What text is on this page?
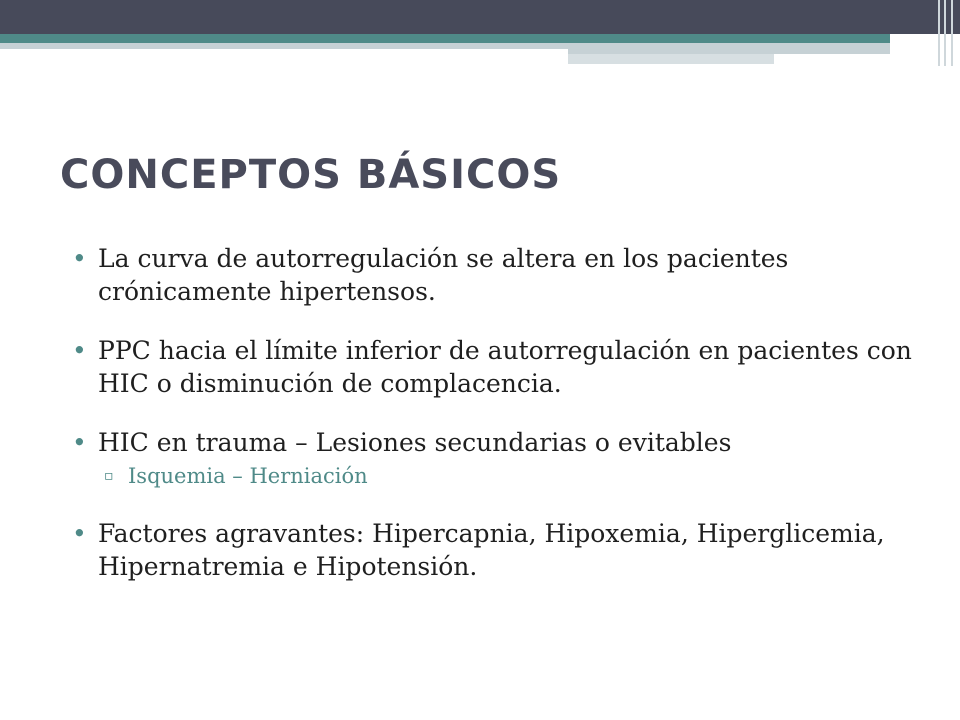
CONCEPTOS BÁSICOS
• La curva de autorregulación se altera en los pacientes crónicamente hipertensos.
• PPC hacia el límite inferior de autorregulación en pacientes con HIC o disminución de complacencia.
• HIC en trauma – Lesiones secundarias o evitables
▫ Isquemia – Herniación
• Factores agravantes: Hipercapnia, Hipoxemia, Hiperglicemia, Hipernatremia e Hipotensión.
